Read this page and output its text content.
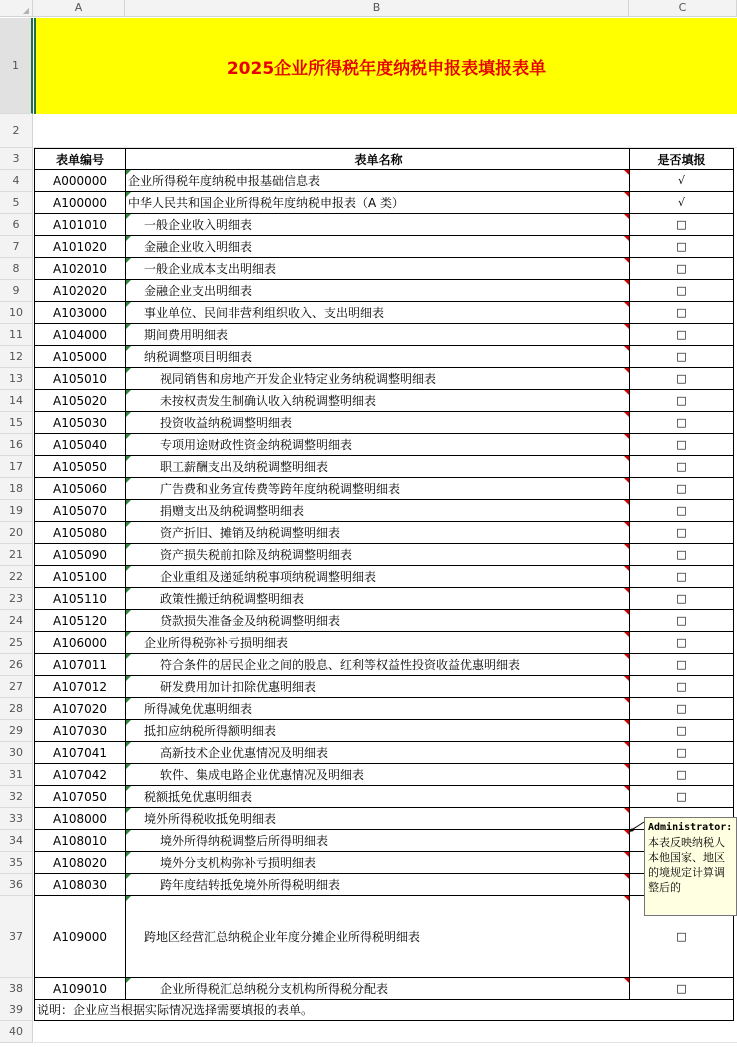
◢	A	B	C
1	2025企业所得税年度纳税申报表填报表单
2
3	表单编号	表单名称	是否填报
4	A000000	企业所得税年度纳税申报基础信息表	√
5	A100000	中华人民共和国企业所得税年度纳税申报表（A 类）	√
6	A101010	一般企业收入明细表	□
7	A101020	金融企业收入明细表	□
8	A102010	一般企业成本支出明细表	□
9	A102020	金融企业支出明细表	□
10	A103000	事业单位、民间非营利组织收入、支出明细表	□
11	A104000	期间费用明细表	□
12	A105000	纳税调整项目明细表	□
13	A105010	视同销售和房地产开发企业特定业务纳税调整明细表	□
14	A105020	未按权责发生制确认收入纳税调整明细表	□
15	A105030	投资收益纳税调整明细表	□
16	A105040	专项用途财政性资金纳税调整明细表	□
17	A105050	职工薪酬支出及纳税调整明细表	□
18	A105060	广告费和业务宣传费等跨年度纳税调整明细表	□
19	A105070	捐赠支出及纳税调整明细表	□
20	A105080	资产折旧、摊销及纳税调整明细表	□
21	A105090	资产损失税前扣除及纳税调整明细表	□
22	A105100	企业重组及递延纳税事项纳税调整明细表	□
23	A105110	政策性搬迁纳税调整明细表	□
24	A105120	贷款损失准备金及纳税调整明细表	□
25	A106000	企业所得税弥补亏损明细表	□
26	A107011	符合条件的居民企业之间的股息、红利等权益性投资收益优惠明细表	□
27	A107012	研发费用加计扣除优惠明细表	□
28	A107020	所得减免优惠明细表	□
29	A107030	抵扣应纳税所得额明细表	□
30	A107041	高新技术企业优惠情况及明细表	□
31	A107042	软件、集成电路企业优惠情况及明细表	□
32	A107050	税额抵免优惠明细表	□
33	A108000	境外所得税收抵免明细表
34	A108010	境外所得纳税调整后所得明细表
35	A108020	境外分支机构弥补亏损明细表
36	A108030	跨年度结转抵免境外所得税明细表
37	A109000	跨地区经营汇总纳税企业年度分摊企业所得税明细表	□
38	A109010	企业所得税汇总纳税分支机构所得税分配表	□
39	说明：企业应当根据实际情况选择需要填报的表单。
40
Administrator:
本表反映纳税人本他国家、地区的境规定计算调整后的
